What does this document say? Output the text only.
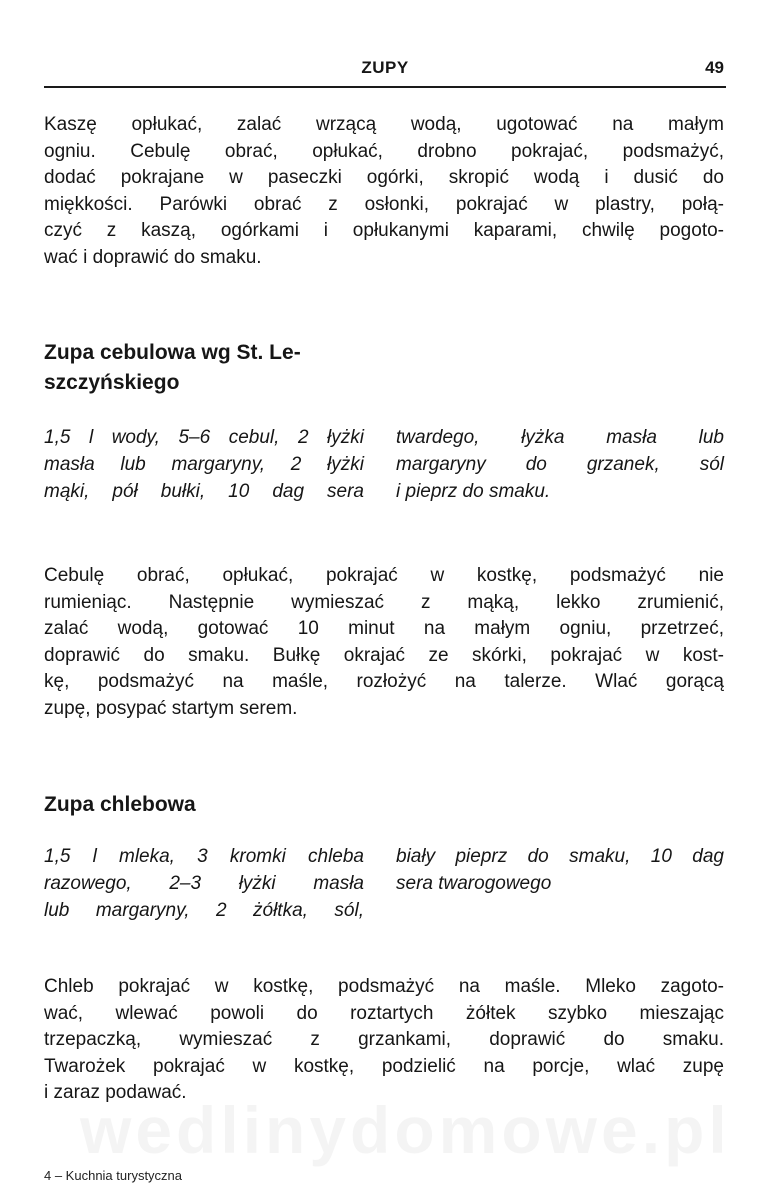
ZUPY	49

Kaszę opłukać, zalać wrzącą wodą, ugotować na małym
ogniu. Cebulę obrać, opłukać, drobno pokrajać, podsmażyć,
dodać pokrajane w paseczki ogórki, skropić wodą i dusić do
miękkości. Parówki obrać z osłonki, pokrajać w plastry, połą-
czyć z kaszą, ogórkami i opłukanymi kaparami, chwilę pogoto-
wać i doprawić do smaku.

Zupa cebulowa wg St. Le-
szczyńskiego

1,5 l wody, 5–6 cebul, 2 łyżki
masła lub margaryny, 2 łyżki
mąki, pół bułki, 10 dag sera

twardego, łyżka masła lub
margaryny do grzanek, sól
i pieprz do smaku.

Cebulę obrać, opłukać, pokrajać w kostkę, podsmażyć nie
rumieniąc. Następnie wymieszać z mąką, lekko zrumienić,
zalać wodą, gotować 10 minut na małym ogniu, przetrzeć,
doprawić do smaku. Bułkę okrajać ze skórki, pokrajać w kost-
kę, podsmażyć na maśle, rozłożyć na talerze. Wlać gorącą
zupę, posypać startym serem.

Zupa chlebowa

1,5 l mleka, 3 kromki chleba
razowego, 2–3 łyżki masła
lub margaryny, 2 żółtka, sól,

biały pieprz do smaku, 10 dag
sera twarogowego

Chleb pokrajać w kostkę, podsmażyć na maśle. Mleko zagoto-
wać, wlewać powoli do roztartych żółtek szybko mieszając
trzepaczką, wymieszać z grzankami, doprawić do smaku.
Twarożek pokrajać w kostkę, podzielić na porcje, wlać zupę
i zaraz podawać.

4 – Kuchnia turystyczna
